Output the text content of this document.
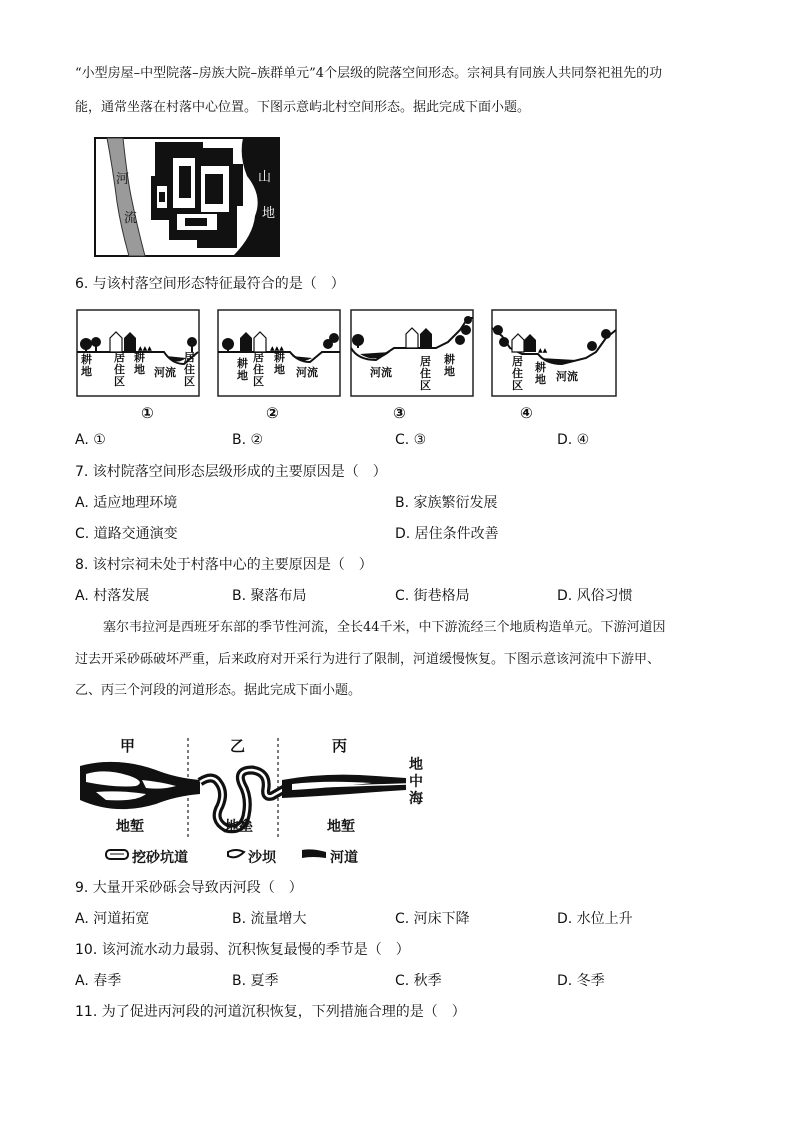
“小型房屋–中型院落–房族大院–族群单元”4个层级的院落空间形态。宗祠具有同族人共同祭祀祖先的功
能，通常坐落在村落中心位置。下图示意屿北村空间形态。据此完成下面小题。
河
流
山
地
6. 与该村落空间形态特征最符合的是（　）
▲▲▲	▲▲▲	▲▲
耕地
居住区
耕地 河流
居住区
耕地
居住区
耕地 河流	河流
居住区
耕地
居住区
耕地 河流
①	②	③	④
A. ①	B. ②	C. ③	D. ④
7. 该村院落空间形态层级形成的主要原因是（　）
A. 适应地理环境	B. 家族繁衍发展
C. 道路交通演变	D. 居住条件改善
8. 该村宗祠未处于村落中心的主要原因是（　）
A. 村落发展	B. 聚落布局	C. 街巷格局	D. 风俗习惯
塞尔韦拉河是西班牙东部的季节性河流，全长44千米，中下游流经三个地质构造单元。下游河道因
过去开采砂砾破坏严重，后来政府对开采行为进行了限制，河道缓慢恢复。下图示意该河流中下游甲、
乙、丙三个河段的河道形态。据此完成下面小题。
甲	乙	丙
地
中
海
地堑	地垒	地堑
挖砂坑道	沙坝	河道
9. 大量开采砂砾会导致丙河段（　）
A. 河道拓宽	B. 流量增大	C. 河床下降	D. 水位上升
10. 该河流水动力最弱、沉积恢复最慢的季节是（　）
A. 春季	B. 夏季	C. 秋季	D. 冬季
11. 为了促进丙河段的河道沉积恢复，下列措施合理的是（　）
